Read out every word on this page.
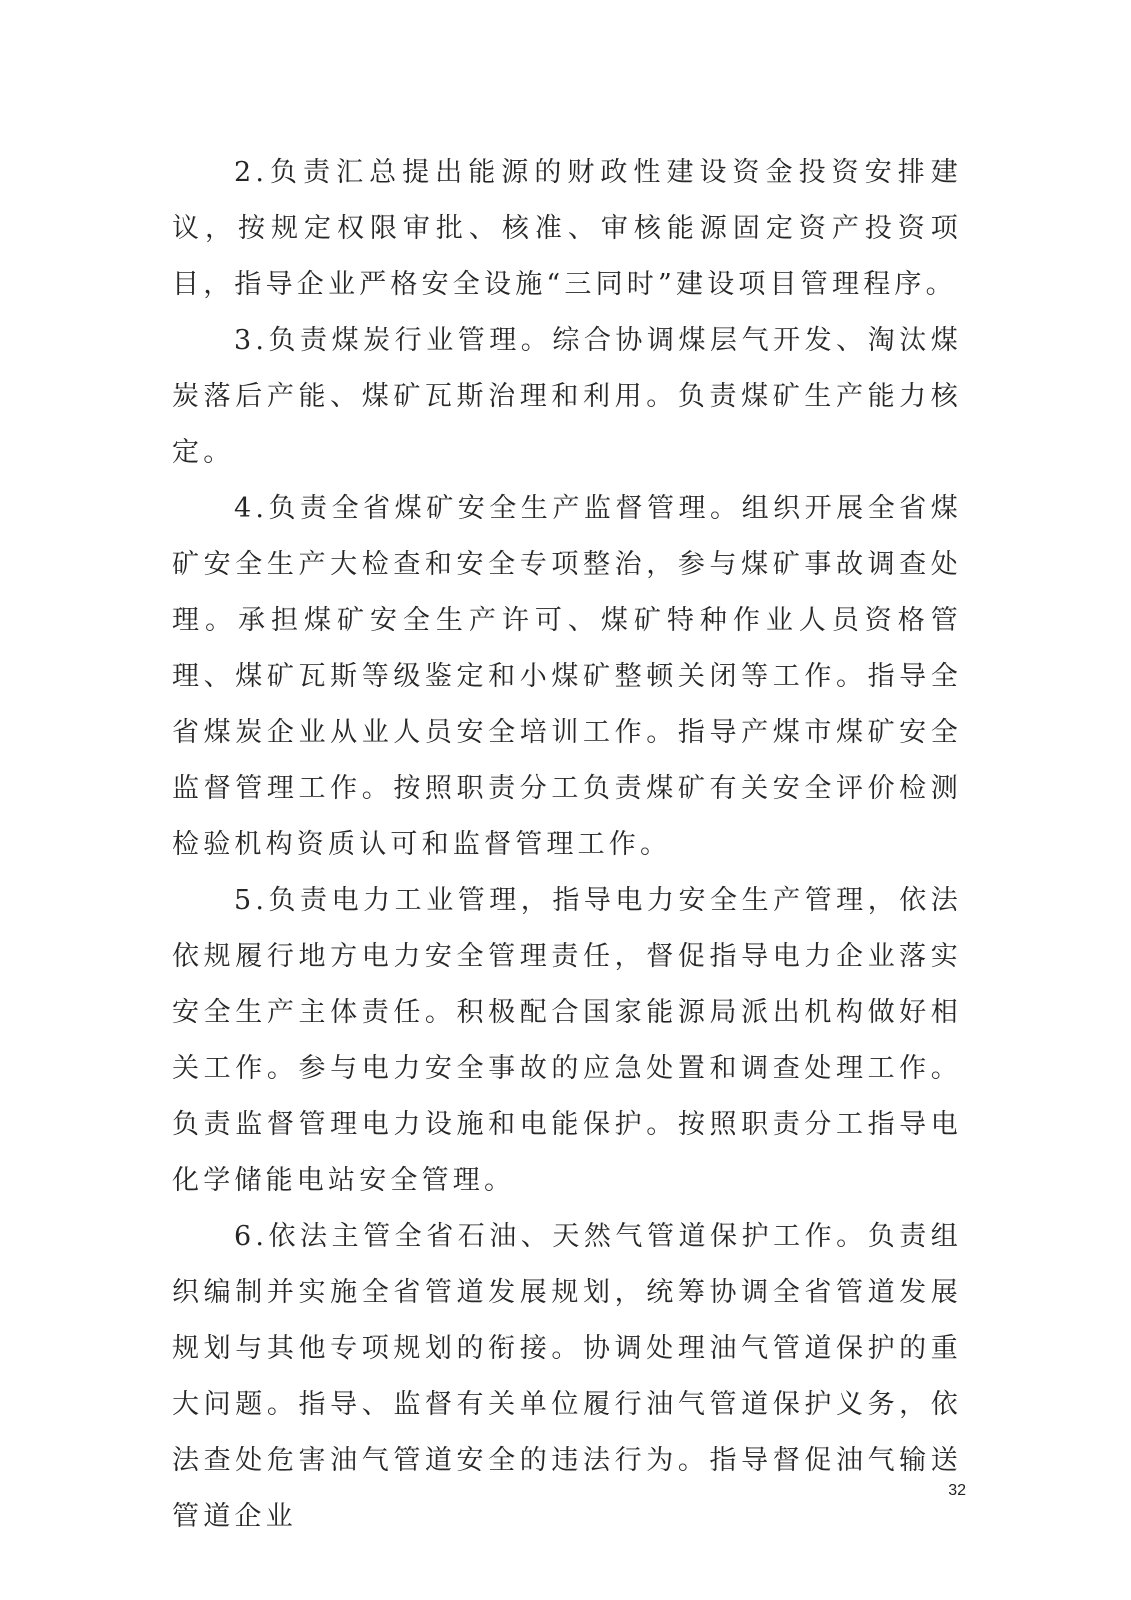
2.负责汇总提出能源的财政性建设资金投资安排建议，按规定权限审批、核准、审核能源固定资产投资项目，指导企业严格安全设施“三同时”建设项目管理程序。

3.负责煤炭行业管理。综合协调煤层气开发、淘汰煤炭落后产能、煤矿瓦斯治理和利用。负责煤矿生产能力核定。

4.负责全省煤矿安全生产监督管理。组织开展全省煤矿安全生产大检查和安全专项整治，参与煤矿事故调查处理。承担煤矿安全生产许可、煤矿特种作业人员资格管理、煤矿瓦斯等级鉴定和小煤矿整顿关闭等工作。指导全省煤炭企业从业人员安全培训工作。指导产煤市煤矿安全监督管理工作。按照职责分工负责煤矿有关安全评价检测检验机构资质认可和监督管理工作。

5.负责电力工业管理，指导电力安全生产管理，依法依规履行地方电力安全管理责任，督促指导电力企业落实安全生产主体责任。积极配合国家能源局派出机构做好相关工作。参与电力安全事故的应急处置和调查处理工作。负责监督管理电力设施和电能保护。按照职责分工指导电化学储能电站安全管理。

6.依法主管全省石油、天然气管道保护工作。负责组织编制并实施全省管道发展规划，统筹协调全省管道发展规划与其他专项规划的衔接。协调处理油气管道保护的重大问题。指导、监督有关单位履行油气管道保护义务，依法查处危害油气管道安全的违法行为。指导督促油气输送管道企业

32
